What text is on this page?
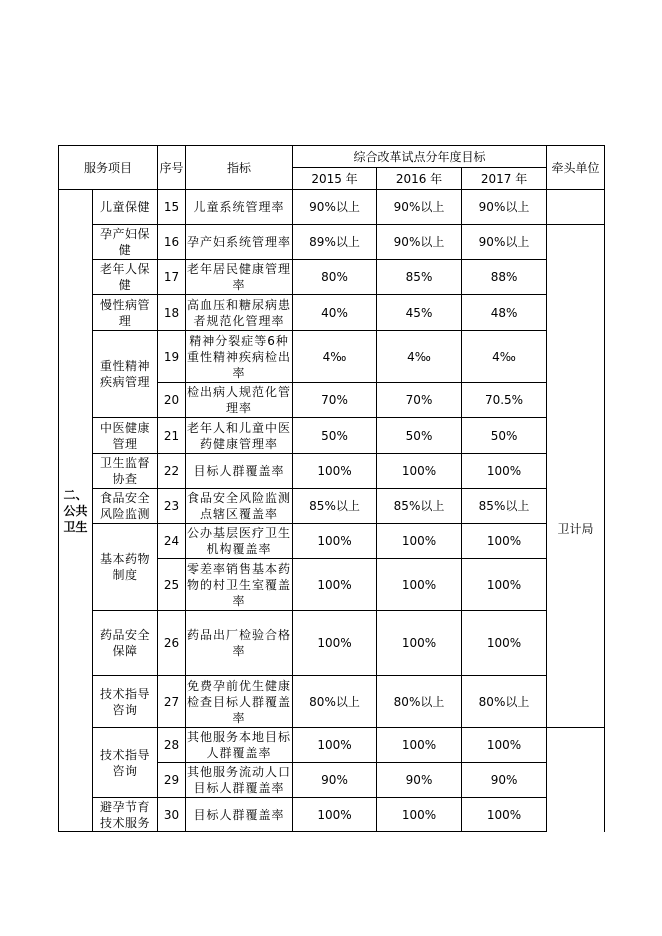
服务项目		序号	指标	综合改革试点分年度目标			牵头单位	
				2015 年	2016 年	2017 年		
二、公共卫生	儿童保健	15	儿童系统管理率	90%以上	90%以上	90%以上		
	孕产妇保健	16	孕产妇系统管理率	89%以上	90%以上	90%以上		
	老年人保健	17	老年居民健康管理率	80%	85%	88%		
	慢性病管理	18	高血压和糖尿病患者规范化管理率	40%	45%	48%		
	重性精神疾病管理	19	精神分裂症等6种重性精神疾病检出率	4‰	4‰	4‰	卫计局	
		20	检出病人规范化管理率	70%	70%	70.5%		
	中医健康管理	21	老年人和儿童中医药健康管理率	50%	50%	50%		
	卫生监督协查	22	目标人群覆盖率	100%	100%	100%		
	食品安全风险监测	23	食品安全风险监测点辖区覆盖率	85%以上	85%以上	85%以上		
	基本药物制度	24	公办基层医疗卫生机构覆盖率	100%	100%	100%		
		25	零差率销售基本药物的村卫生室覆盖率	100%	100%	100%		
	药品安全保障	26	药品出厂检验合格率	100%	100%	100%	
	技术指导咨询	27	免费孕前优生健康检查目标人群覆盖率	80%以上	80%以上	80%以上	
	技术指导咨询	28	其他服务本地目标人群覆盖率	100%	100%	100%		
		29	其他服务流动人口目标人群覆盖率	90%	90%	90%		
	避孕节育技术服务	30	目标人群覆盖率	100%	100%	100%		
